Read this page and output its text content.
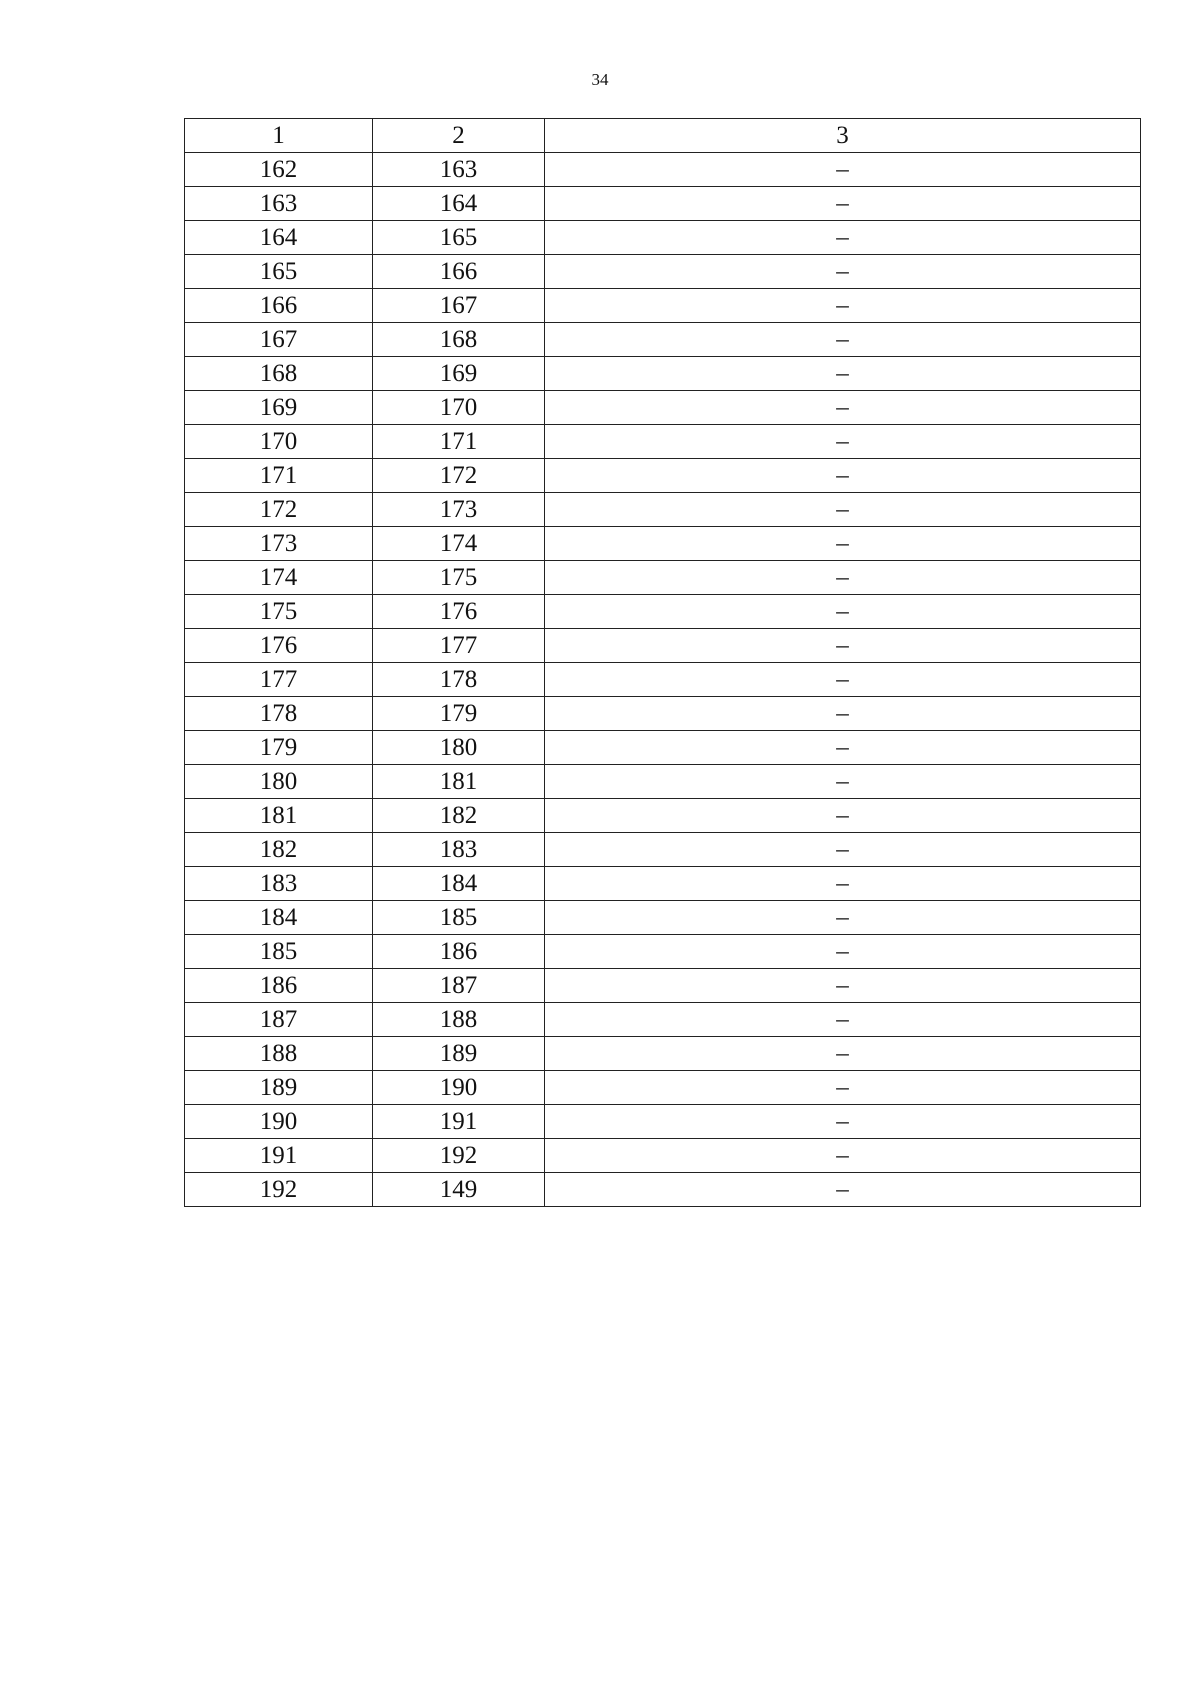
34
1	2	3
162	163	–
163	164	–
164	165	–
165	166	–
166	167	–
167	168	–
168	169	–
169	170	–
170	171	–
171	172	–
172	173	–
173	174	–
174	175	–
175	176	–
176	177	–
177	178	–
178	179	–
179	180	–
180	181	–
181	182	–
182	183	–
183	184	–
184	185	–
185	186	–
186	187	–
187	188	–
188	189	–
189	190	–
190	191	–
191	192	–
192	149	–
